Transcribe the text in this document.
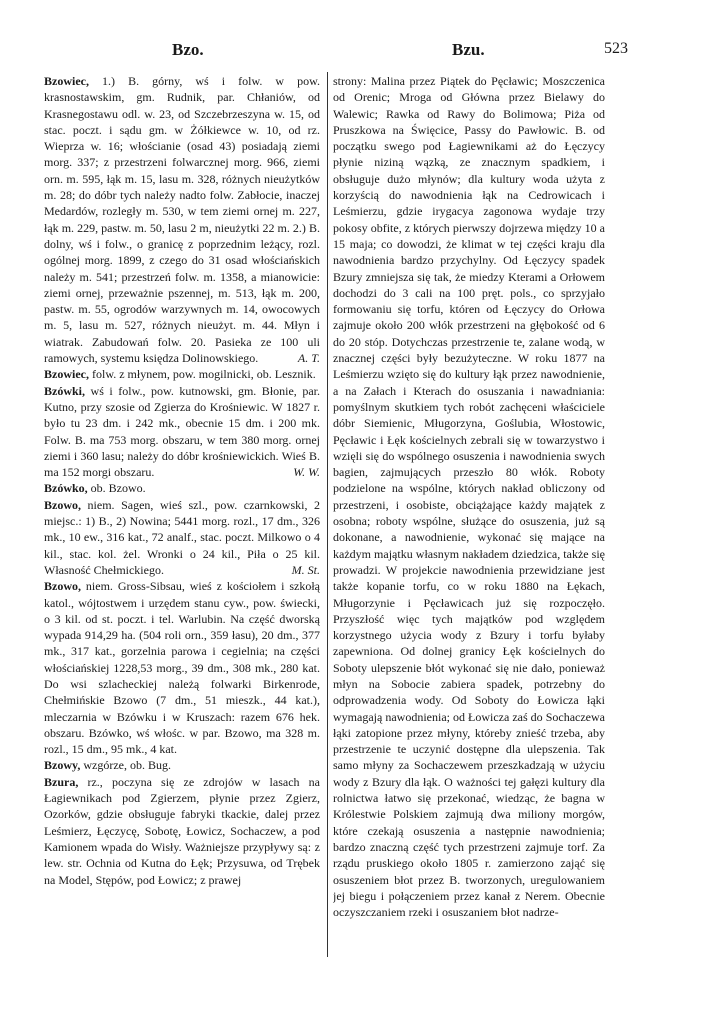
Bzo.	Bzu.	523

Bzowiec, 1.) B. górny, wś i folw. w pow. krasnostawskim, gm. Rudnik, par. Chłaniów, od Krasnegostawu odl. w. 23, od Szczebrzeszyna w. 15, od stac. poczt. i sądu gm. w Żółkiewce w. 10, od rz. Wieprza w. 16; włościanie (osad 43) posiadają ziemi morg. 337; z przestrzeni folwarcznej morg. 966, ziemi orn. m. 595, łąk m. 15, lasu m. 328, różnych nieużytków m. 28; do dóbr tych należy nadto folw. Zabłocie, inaczej Medardów, rozległy m. 530, w tem ziemi ornej m. 227, łąk m. 229, pastw. m. 50, lasu 2 m, nieużytki 22 m. 2.) B. dolny, wś i folw., o granicę z poprzednim leżący, rozl. ogólnej morg. 1899, z czego do 31 osad włościańskich należy m. 541; przestrzeń folw. m. 1358, a mianowicie: ziemi ornej, przeważnie pszennej, m. 513, łąk m. 200, pastw. m. 55, ogrodów warzywnych m. 14, owocowych m. 5, lasu m. 527, różnych nieużyt. m. 44. Młyn i wiatrak. Zabudowań folw. 20. Pasieka ze 100 uli ramowych, systemu księdza Dolinowskiego.	A. T.

Bzowiec, folw. z młynem, pow. mogilnicki, ob. Lesznik.

Bzówki, wś i folw., pow. kutnowski, gm. Błonie, par. Kutno, przy szosie od Zgierza do Krośniewic. W 1827 r. było tu 23 dm. i 242 mk., obecnie 15 dm. i 200 mk. Folw. B. ma 753 morg. obszaru, w tem 380 morg. ornej ziemi i 360 lasu; należy do dóbr krośniewickich. Wieś B. ma 152 morgi obszaru.	W. W.

Bzówko, ob. Bzowo.

Bzowo, niem. Sagen, wieś szl., pow. czarnkowski, 2 miejsc.: 1) B., 2) Nowina; 5441 morg. rozl., 17 dm., 326 mk., 10 ew., 316 kat., 72 analf., stac. poczt. Milkowo o 4 kil., stac. kol. żel. Wronki o 24 kil., Piła o 25 kil. Własność Chełmickiego.	M. St.

Bzowo, niem. Gross-Sibsau, wieś z kościołem i szkołą katol., wójtostwem i urzędem stanu cyw., pow. świecki, o 3 kil. od st. poczt. i tel. Warlubin. Na część dworską wypada 914,29 ha. (504 roli orn., 359 łasu), 20 dm., 377 mk., 317 kat., gorzelnia parowa i cegielnia; na części włościańskiej 1228,53 morg., 39 dm., 308 mk., 280 kat. Do wsi szlacheckiej należą folwarki Birkenrode, Chełmińskie Bzowo (7 dm., 51 mieszk., 44 kat.), mleczarnia w Bzówku i w Kruszach: razem 676 hek. obszaru. Bzówko, wś włośc. w par. Bzowo, ma 328 m. rozl., 15 dm., 95 mk., 4 kat.

Bzowy, wzgórze, ob. Bug.

Bzura, rz., poczyna się ze zdrojów w lasach na Łagiewnikach pod Zgierzem, płynie przez Zgierz, Ozorków, gdzie obsługuje fabryki tkackie, dalej przez Leśmierz, Łęczycę, Sobotę, Łowicz, Sochaczew, a pod Kamionem wpada do Wisły. Ważniejsze przypływy są: z lew. str. Ochnia od Kutna do Łęk; Przysuwa, od Trębek na Model, Stępów, pod Łowicz; z prawej

strony: Malina przez Piątek do Pęcławic; Moszczenica od Orenic; Mroga od Główna przez Bielawy do Walewic; Rawka od Rawy do Bolimowa; Piża od Pruszkowa na Święcice, Passy do Pawłowic. B. od początku swego pod Łagiewnikami aż do Łęczycy płynie niziną wązką, ze znacznym spadkiem, i obsługuje dużo młynów; dla kultury woda użyta z korzyścią do nawodnienia łąk na Cedrowicach i Leśmierzu, gdzie irygacya zagonowa wydaje trzy pokosy obfite, z których pierwszy dojrzewa między 10 a 15 maja; co dowodzi, że klimat w tej części kraju dla nawodnienia bardzo przychylny. Od Łęczycy spadek Bzury zmniejsza się tak, że miedzy Kterami a Orłowem dochodzi do 3 cali na 100 pręt. pols., co sprzyjało formowaniu się torfu, któren od Łęczycy do Orłowa zajmuje około 200 włók przestrzeni na głębokość od 6 do 20 stóp. Dotychczas przestrzenie te, zalane wodą, w znacznej części były bezużyteczne. W roku 1877 na Leśmierzu wzięto się do kultury łąk przez nawodnienie, a na Załach i Kterach do osuszania i nawadniania: pomyślnym skutkiem tych robót zachęceni właściciele dóbr Siemienic, Mługorzyna, Goślubia, Włostowic, Pęcławic i Łęk kościelnych zebrali się w towarzystwo i wzięli się do wspólnego osuszenia i nawodnienia swych bagien, zajmujących przeszło 80 włók. Roboty podzielone na wspólne, których nakład obliczony od przestrzeni, i osobiste, obciążające każdy majątek z osobna; roboty wspólne, służące do osuszenia, już są dokonane, a nawodnienie, wykonać się mające na każdym majątku własnym nakładem dziedzica, także się prowadzi. W projekcie nawodnienia przewidziane jest także kopanie torfu, co w roku 1880 na Łękach, Mługorzynie i Pęcławicach już się rozpoczęło. Przyszłość więc tych majątków pod względem korzystnego użycia wody z Bzury i torfu byłaby zapewniona. Od dolnej granicy Łęk kościelnych do Soboty ulepszenie błót wykonać się nie dało, ponieważ młyn na Sobocie zabiera spadek, potrzebny do odprowadzenia wody. Od Soboty do Łowicza łąki wymagają nawodnienia; od Łowicza zaś do Sochaczewa łąki zatopione przez młyny, któreby znieść trzeba, aby przestrzenie te uczynić dostępne dla ulepszenia. Tak samo młyny za Sochaczewem przeszkadzają w użyciu wody z Bzury dla łąk. O ważności tej gałęzi kultury dla rolnictwa łatwo się przekonać, wiedząc, że bagna w Królestwie Polskiem zajmują dwa miliony morgów, które czekają osuszenia a następnie nawodnienia; bardzo znaczną część tych przestrzeni zajmuje torf. Za rządu pruskiego około 1805 r. zamierzono zająć się osuszeniem błot przez B. tworzonych, uregulowaniem jej biegu i połączeniem przez kanał z Nerem. Obecnie oczyszczaniem rzeki i osuszaniem błot nadrze-
